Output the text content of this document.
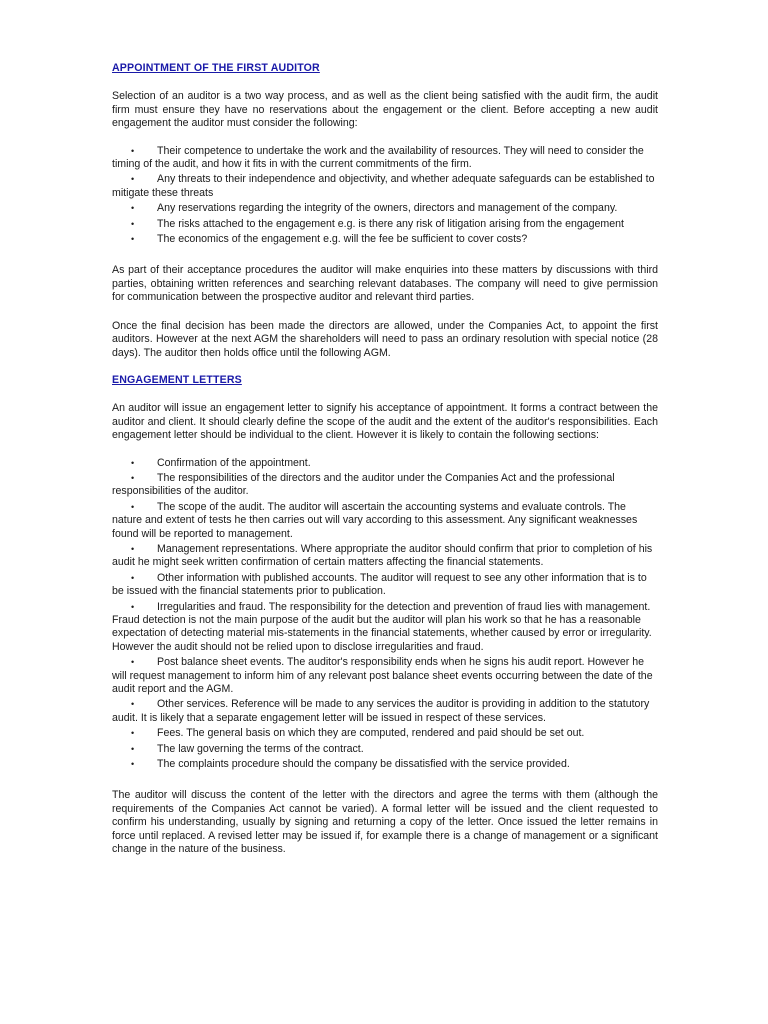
APPOINTMENT OF THE FIRST AUDITOR

Selection of an auditor is a two way process, and as well as the client being satisfied with the audit firm, the audit firm must ensure they have no reservations about the engagement or the client. Before accepting a new audit engagement the auditor must consider the following:

• Their competence to undertake the work and the availability of resources. They will need to consider the timing of the audit, and how it fits in with the current commitments of the firm.
• Any threats to their independence and objectivity, and whether adequate safeguards can be established to mitigate these threats
• Any reservations regarding the integrity of the owners, directors and management of the company.
• The risks attached to the engagement e.g. is there any risk of litigation arising from the engagement
• The economics of the engagement e.g. will the fee be sufficient to cover costs?

As part of their acceptance procedures the auditor will make enquiries into these matters by discussions with third parties, obtaining written references and searching relevant databases. The company will need to give permission for communication between the prospective auditor and relevant third parties.

Once the final decision has been made the directors are allowed, under the Companies Act, to appoint the first auditors. However at the next AGM the shareholders will need to pass an ordinary resolution with special notice (28 days). The auditor then holds office until the following AGM.

ENGAGEMENT LETTERS

An auditor will issue an engagement letter to signify his acceptance of appointment. It forms a contract between the auditor and client. It should clearly define the scope of the audit and the extent of the auditor's responsibilities. Each engagement letter should be individual to the client. However it is likely to contain the following sections:

• Confirmation of the appointment.
• The responsibilities of the directors and the auditor under the Companies Act and the professional responsibilities of the auditor.
• The scope of the audit. The auditor will ascertain the accounting systems and evaluate controls. The nature and extent of tests he then carries out will vary according to this assessment. Any significant weaknesses found will be reported to management.
• Management representations. Where appropriate the auditor should confirm that prior to completion of his audit he might seek written confirmation of certain matters affecting the financial statements.
• Other information with published accounts. The auditor will request to see any other information that is to be issued with the financial statements prior to publication.
• Irregularities and fraud. The responsibility for the detection and prevention of fraud lies with management. Fraud detection is not the main purpose of the audit but the auditor will plan his work so that he has a reasonable expectation of detecting material mis-statements in the financial statements, whether caused by error or irregularity. However the audit should not be relied upon to disclose irregularities and fraud.
• Post balance sheet events. The auditor's responsibility ends when he signs his audit report. However he will request management to inform him of any relevant post balance sheet events occurring between the date of the audit report and the AGM.
• Other services. Reference will be made to any services the auditor is providing in addition to the statutory audit. It is likely that a separate engagement letter will be issued in respect of these services.
• Fees. The general basis on which they are computed, rendered and paid should be set out.
• The law governing the terms of the contract.
• The complaints procedure should the company be dissatisfied with the service provided.

The auditor will discuss the content of the letter with the directors and agree the terms with them (although the requirements of the Companies Act cannot be varied). A formal letter will be issued and the client requested to confirm his understanding, usually by signing and returning a copy of the letter. Once issued the letter remains in force until replaced. A revised letter may be issued if, for example there is a change of management or a significant change in the nature of the business.
